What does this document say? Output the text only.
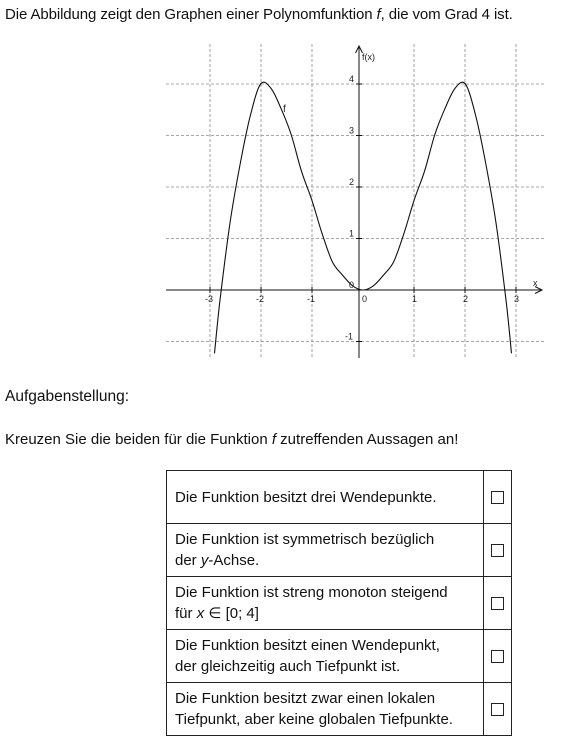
Die Abbildung zeigt den Graphen einer Polynomfunktion f, die vom Grad 4 ist.
-3	-2	-1	0	1	2	3
4
3
2
1
0
-1
f(x)
x
f
Aufgabenstellung:
Kreuzen Sie die beiden für die Funktion f zutreffenden Aussagen an!
Die Funktion besitzt drei Wendepunkte.	
Die Funktion ist symmetrisch bezüglich
der y-Achse.	
Die Funktion ist streng monoton steigend
für x ∈ [0; 4]	
Die Funktion besitzt einen Wendepunkt,
der gleichzeitig auch Tiefpunkt ist.	
Die Funktion besitzt zwar einen lokalen
Tiefpunkt, aber keine globalen Tiefpunkte.	
